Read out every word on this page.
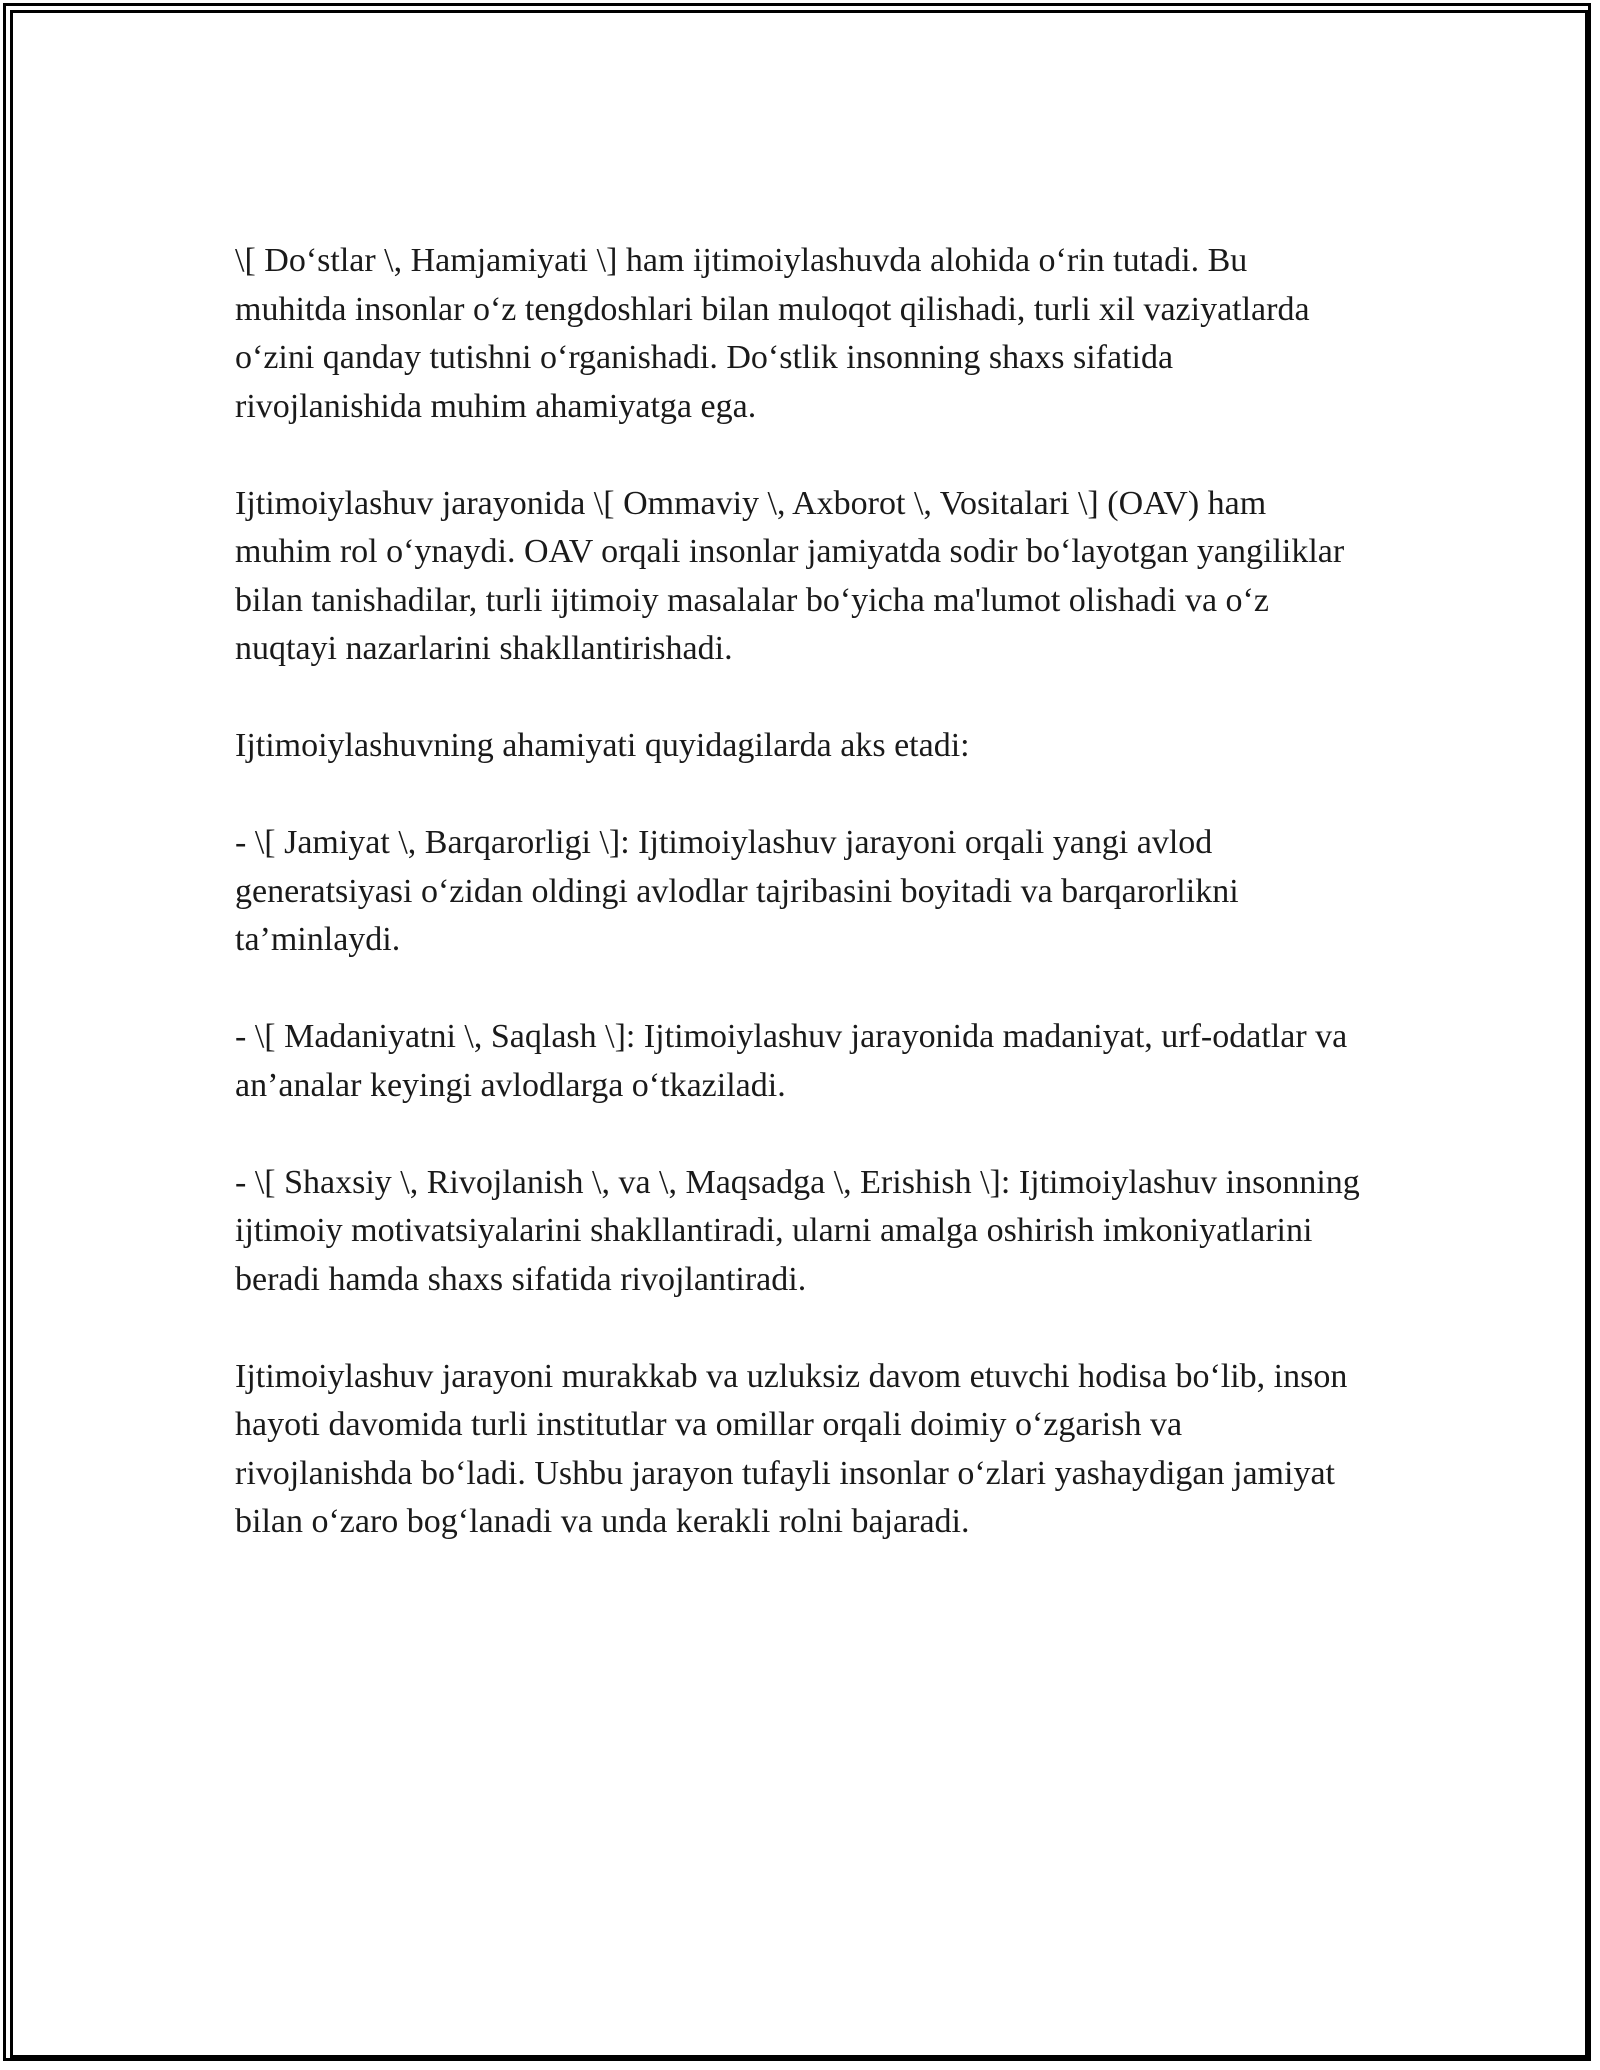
\[ Do‘stlar \, Hamjamiyati \] ham ijtimoiylashuvda alohida o‘rin tutadi. Bu muhitda insonlar o‘z tengdoshlari bilan muloqot qilishadi, turli xil vaziyatlarda o‘zini qanday tutishni o‘rganishadi. Do‘stlik insonning shaxs sifatida rivojlanishida muhim ahamiyatga ega.

Ijtimoiylashuv jarayonida \[ Ommaviy \, Axborot \, Vositalari \] (OAV) ham muhim rol o‘ynaydi. OAV orqali insonlar jamiyatda sodir bo‘layotgan yangiliklar bilan tanishadilar, turli ijtimoiy masalalar bo‘yicha ma'lumot olishadi va o‘z nuqtayi nazarlarini shakllantirishadi.

Ijtimoiylashuvning ahamiyati quyidagilarda aks etadi:

- \[ Jamiyat \, Barqarorligi \]: Ijtimoiylashuv jarayoni orqali yangi avlod generatsiyasi o‘zidan oldingi avlodlar tajribasini boyitadi va barqarorlikni ta’minlaydi.

- \[ Madaniyatni \, Saqlash \]: Ijtimoiylashuv jarayonida madaniyat, urf-odatlar va an’analar keyingi avlodlarga o‘tkaziladi.

- \[ Shaxsiy \, Rivojlanish \, va \, Maqsadga \, Erishish \]: Ijtimoiylashuv insonning ijtimoiy motivatsiyalarini shakllantiradi, ularni amalga oshirish imkoniyatlarini beradi hamda shaxs sifatida rivojlantiradi.

Ijtimoiylashuv jarayoni murakkab va uzluksiz davom etuvchi hodisa bo‘lib, inson hayoti davomida turli institutlar va omillar orqali doimiy o‘zgarish va rivojlanishda bo‘ladi. Ushbu jarayon tufayli insonlar o‘zlari yashaydigan jamiyat bilan o‘zaro bog‘lanadi va unda kerakli rolni bajaradi.
